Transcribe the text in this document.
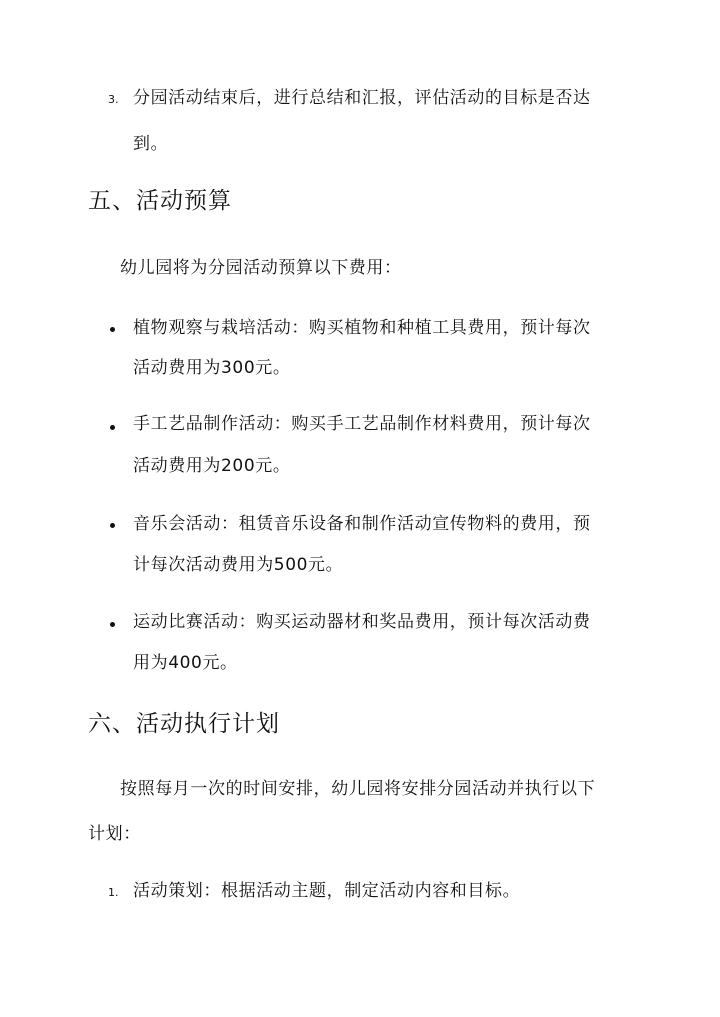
3. 分园活动结束后，进行总结和汇报，评估活动的目标是否达
到。
五、活动预算
幼儿园将为分园活动预算以下费用：
植物观察与栽培活动：购买植物和种植工具费用，预计每次
活动费用为300元。
手工艺品制作活动：购买手工艺品制作材料费用，预计每次
活动费用为200元。
音乐会活动：租赁音乐设备和制作活动宣传物料的费用，预
计每次活动费用为500元。
运动比赛活动：购买运动器材和奖品费用，预计每次活动费
用为400元。
六、活动执行计划
按照每月一次的时间安排，幼儿园将安排分园活动并执行以下
计划：
1. 活动策划：根据活动主题，制定活动内容和目标。
